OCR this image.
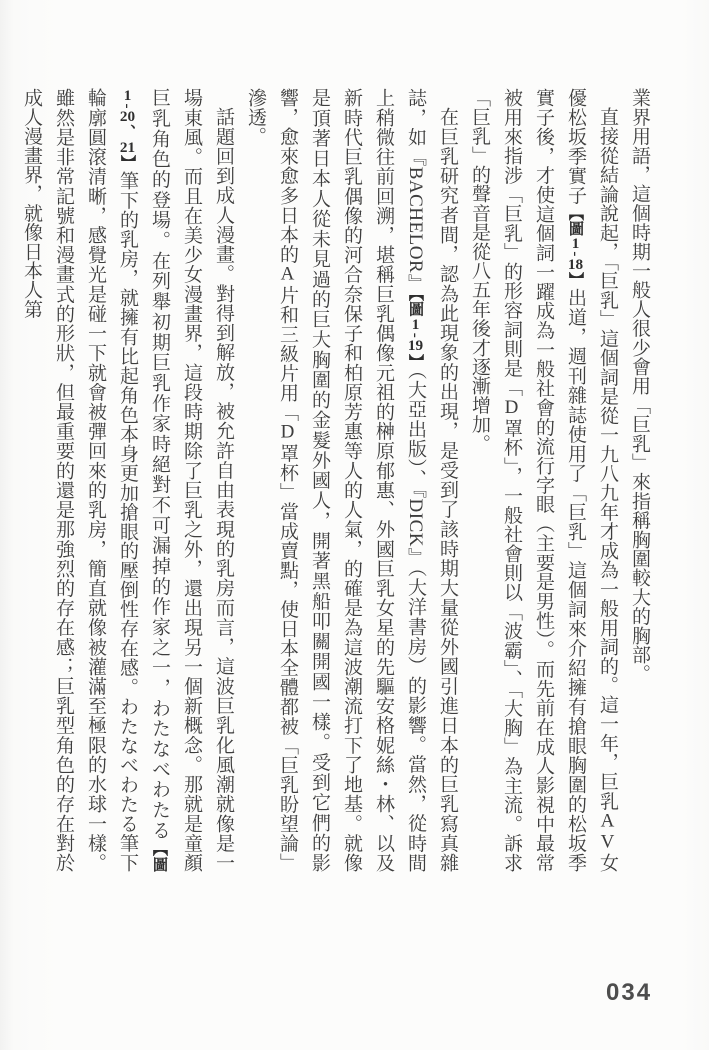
業界用語，這個時期一般人很少會用「巨乳」來指稱胸圍較大的胸部。

直接從結論說起，「巨乳」這個詞是從一九八九年才成為一般用詞的。這一年，巨乳AV女優松坂季實子【圖1-18】出道，週刊雜誌使用了「巨乳」這個詞來介紹擁有搶眼胸圍的松坂季實子後，才使這個詞一躍成為一般社會的流行字眼（主要是男性）。而先前在成人影視中最常被用來指涉「巨乳」的形容詞則是「D罩杯」，一般社會則以「波霸」、「大胸」為主流。訴求「巨乳」的聲音是從八五年後才逐漸增加。

在巨乳研究者間，認為此現象的出現，是受到了該時期大量從外國引進日本的巨乳寫真雜誌，如『BACHELOR』【圖1-19】（大亞出版）、『DICK』（大洋書房）的影響。當然，從時間上稍微往前回溯，堪稱巨乳偶像元祖的榊原郁惠、外國巨乳女星的先驅安格妮絲・林、以及新時代巨乳偶像的河合奈保子和柏原芳惠等人的人氣，的確是為這波潮流打下了地基。就像是頂著日本人從未見過的巨大胸圍的金髮外國人，開著黑船叩關開國一樣。受到它們的影響，愈來愈多日本的A片和三級片用「D罩杯」當成賣點，使日本全體都被「巨乳盼望論」滲透。

話題回到成人漫畫。對得到解放，被允許自由表現的乳房而言，這波巨乳化風潮就像是一場東風。而且在美少女漫畫界，這段時期除了巨乳之外，還出現另一個新概念。那就是童顏巨乳角色的登場。在列舉初期巨乳作家時絕對不可漏掉的作家之一，わたなべわたる【圖1-20、21】筆下的乳房，就擁有比起角色本身更加搶眼的壓倒性存在感。わたなべわたる筆下輪廓圓滾清晰，感覺光是碰一下就會被彈回來的乳房，簡直就像被灌滿至極限的水球一樣。雖然是非常記號和漫畫式的形狀，但最重要的還是那強烈的存在感；巨乳型角色的存在對於成人漫畫界，就像日本人第

034
